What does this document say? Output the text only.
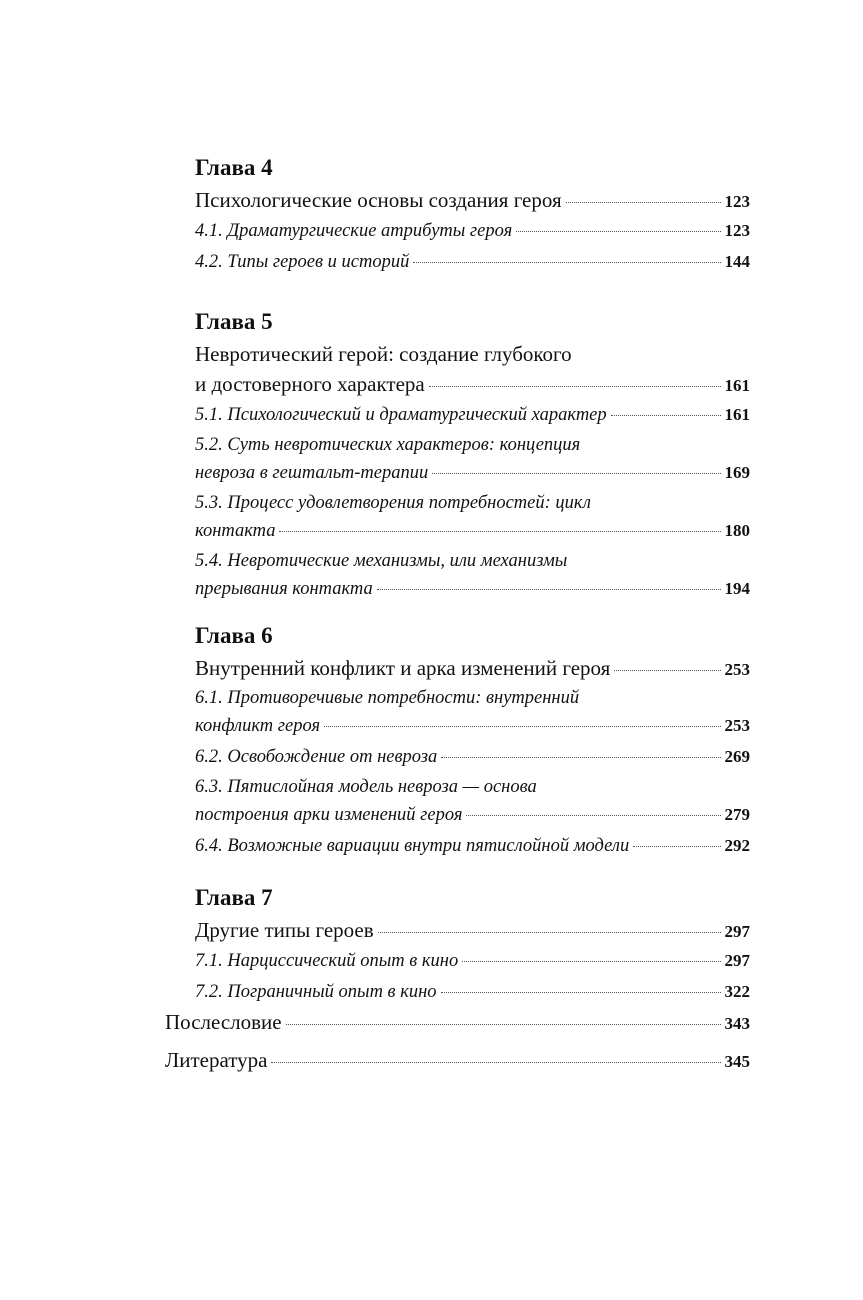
Глава 4
Психологические основы создания героя	123
4.1. Драматургические атрибуты героя	123
4.2. Типы героев и историй	144
Глава 5
Невротический герой: создание глубокого
и достоверного характера	161
5.1. Психологический и драматургический характер	161
5.2. Суть невротических характеров: концепция
невроза в гештальт-терапии	169
5.3. Процесс удовлетворения потребностей: цикл
контакта	180
5.4. Невротические механизмы, или механизмы
прерывания контакта	194
Глава 6
Внутренний конфликт и арка изменений героя	253
6.1. Противоречивые потребности: внутренний
конфликт героя	253
6.2. Освобождение от невроза	269
6.3. Пятислойная модель невроза — основа
построения арки изменений героя	279
6.4. Возможные вариации внутри пятислойной модели	292
Глава 7
Другие типы героев	297
7.1. Нарциссический опыт в кино	297
7.2. Пограничный опыт в кино	322
Послесловие	343
Литература	345
